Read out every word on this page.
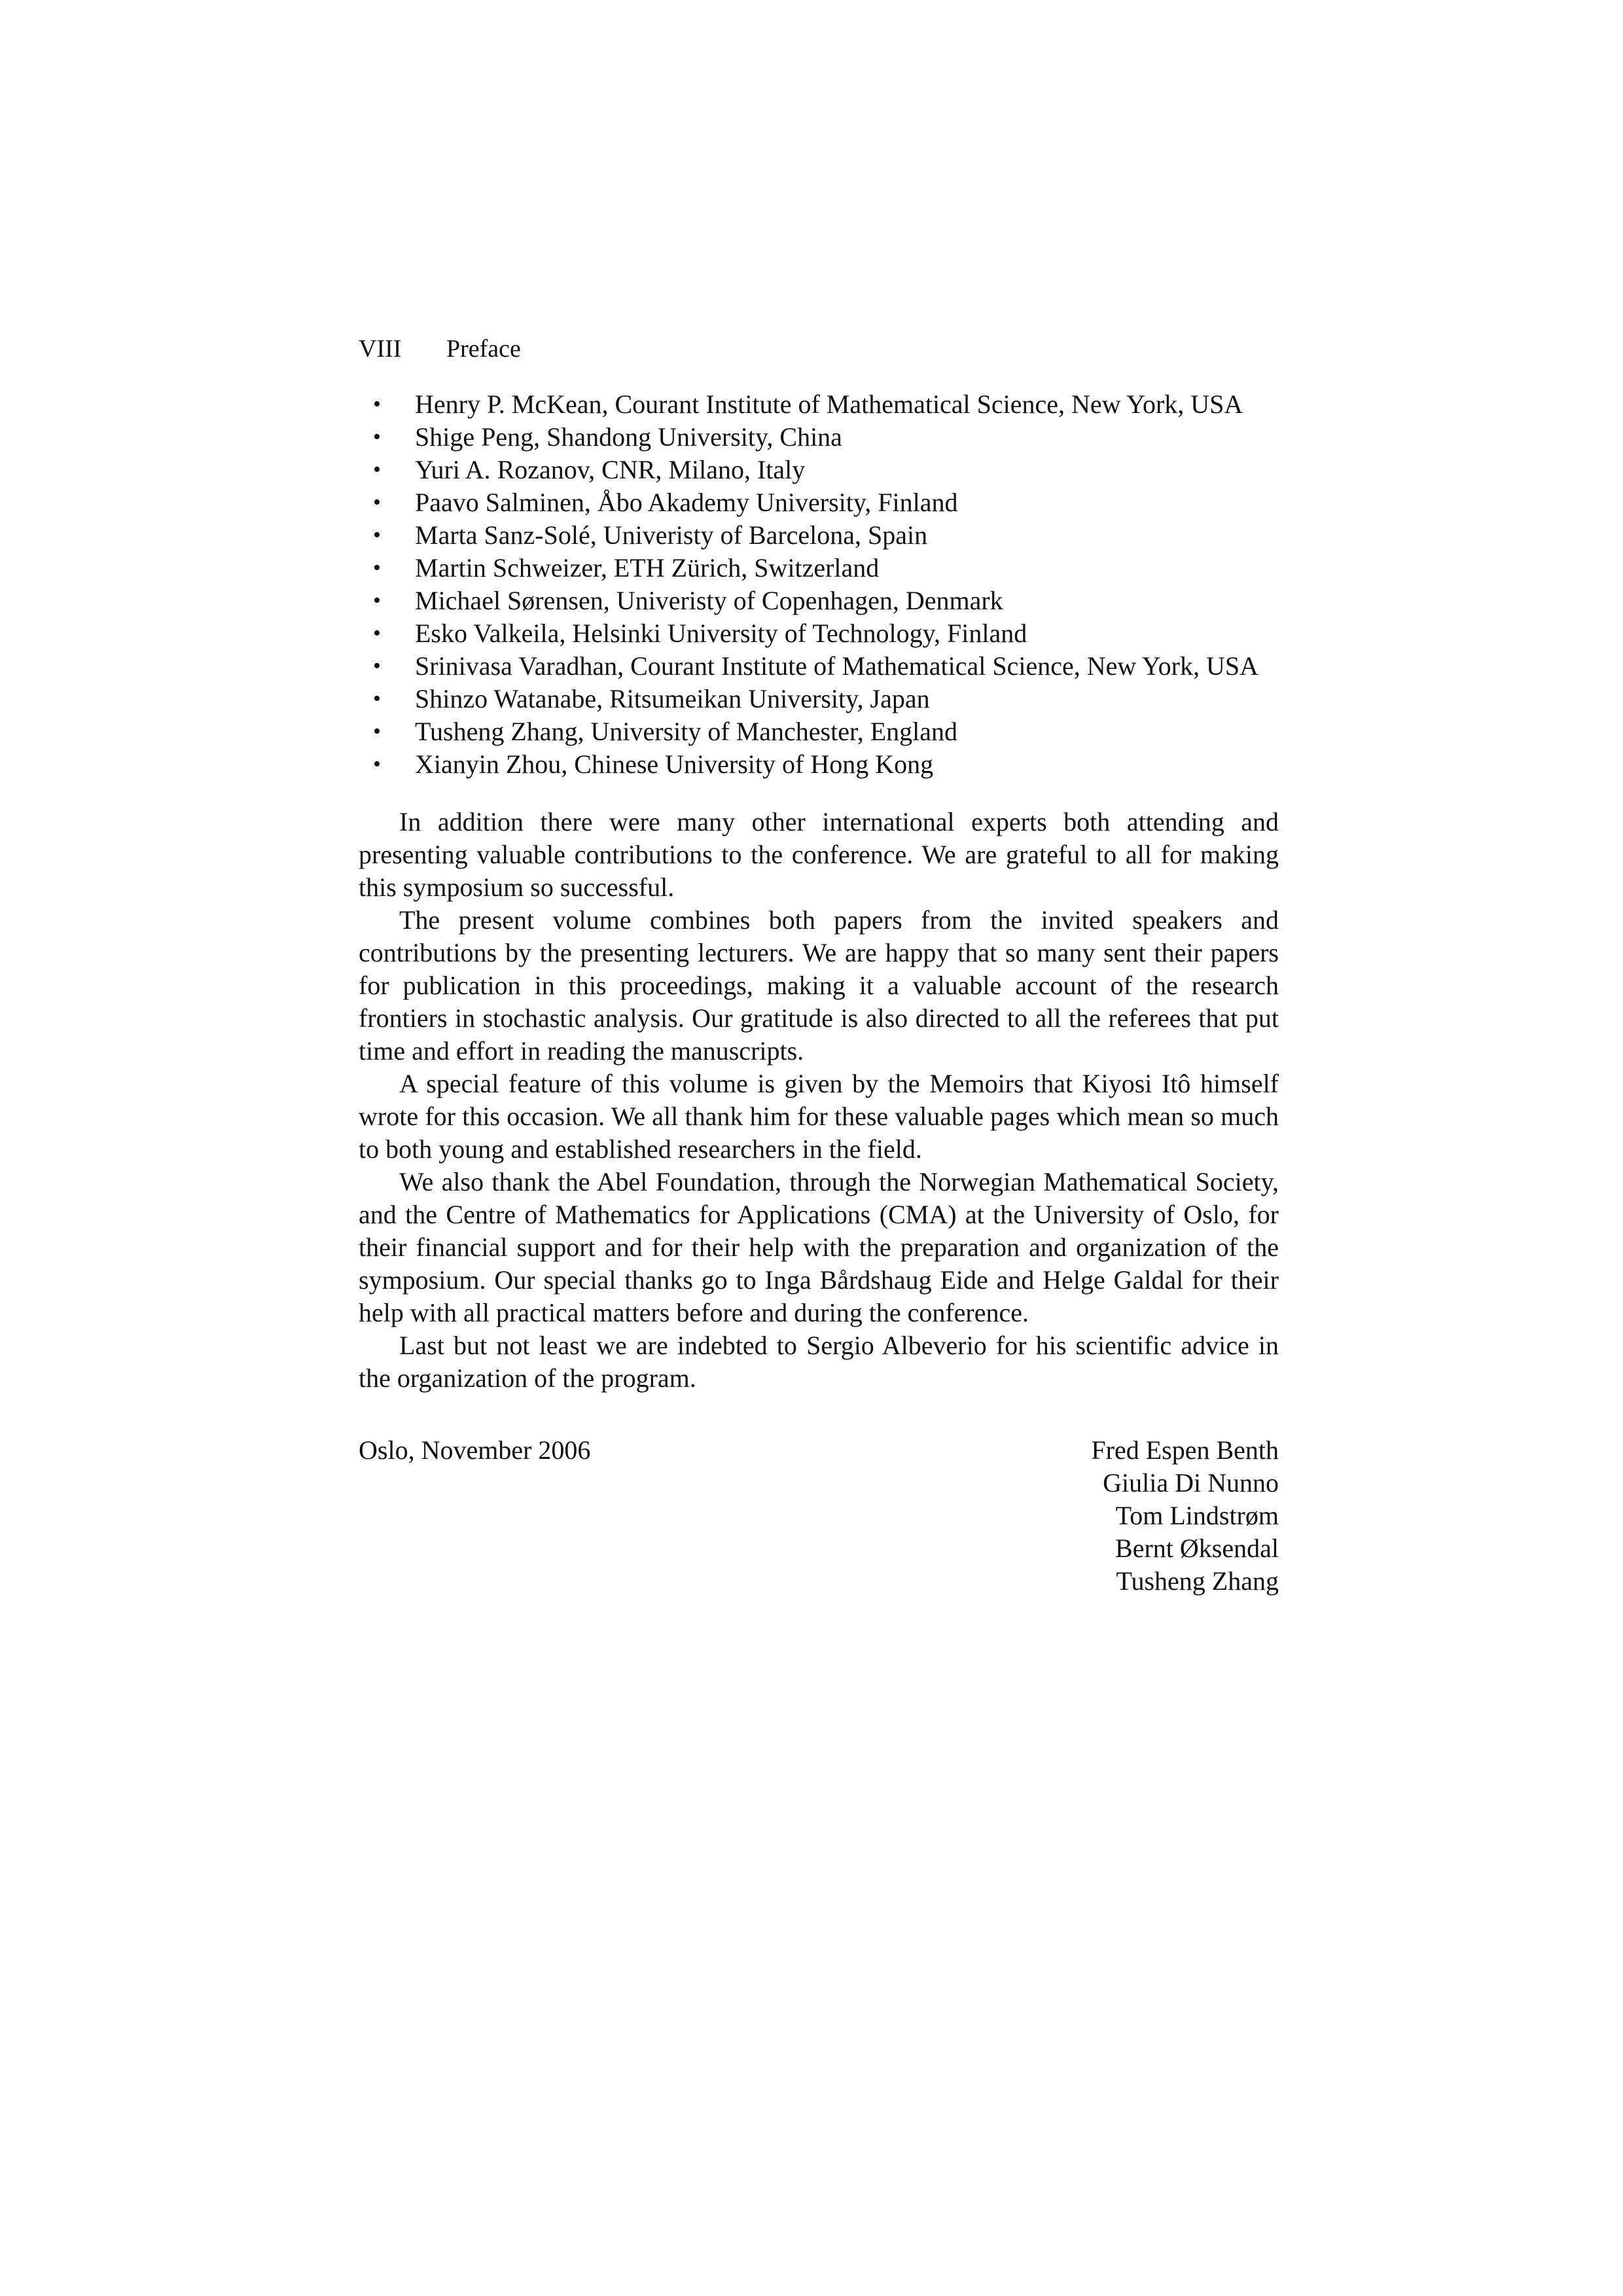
VIII Preface
• Henry P. McKean, Courant Institute of Mathematical Science, New York, USA
• Shige Peng, Shandong University, China
• Yuri A. Rozanov, CNR, Milano, Italy
• Paavo Salminen, Åbo Akademy University, Finland
• Marta Sanz-Solé, Univeristy of Barcelona, Spain
• Martin Schweizer, ETH Zürich, Switzerland
• Michael Sørensen, Univeristy of Copenhagen, Denmark
• Esko Valkeila, Helsinki University of Technology, Finland
• Srinivasa Varadhan, Courant Institute of Mathematical Science, New York, USA
• Shinzo Watanabe, Ritsumeikan University, Japan
• Tusheng Zhang, University of Manchester, England
• Xianyin Zhou, Chinese University of Hong Kong

In addition there were many other international experts both attending and presenting valuable contributions to the conference. We are grateful to all for making this symposium so successful.

The present volume combines both papers from the invited speakers and contributions by the presenting lecturers. We are happy that so many sent their papers for publication in this proceedings, making it a valuable account of the research frontiers in stochastic analysis. Our gratitude is also directed to all the referees that put time and effort in reading the manuscripts.

A special feature of this volume is given by the Memoirs that Kiyosi Itô himself wrote for this occasion. We all thank him for these valuable pages which mean so much to both young and established researchers in the field.

We also thank the Abel Foundation, through the Norwegian Mathematical Society, and the Centre of Mathematics for Applications (CMA) at the University of Oslo, for their financial support and for their help with the preparation and organization of the symposium. Our special thanks go to Inga Bårdshaug Eide and Helge Galdal for their help with all practical matters before and during the conference.

Last but not least we are indebted to Sergio Albeverio for his scientific advice in the organization of the program.

Oslo, November 2006	Fred Espen Benth
Giulia Di Nunno
Tom Lindstrøm
Bernt Øksendal
Tusheng Zhang
